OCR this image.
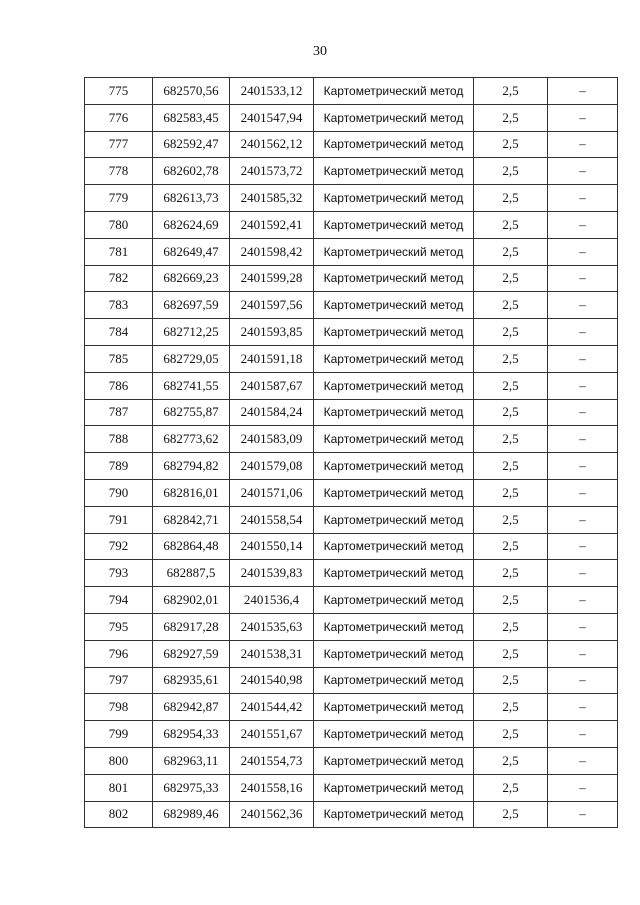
30
775	682570,56	2401533,12	Картометрический метод	2,5	–
776	682583,45	2401547,94	Картометрический метод	2,5	–
777	682592,47	2401562,12	Картометрический метод	2,5	–
778	682602,78	2401573,72	Картометрический метод	2,5	–
779	682613,73	2401585,32	Картометрический метод	2,5	–
780	682624,69	2401592,41	Картометрический метод	2,5	–
781	682649,47	2401598,42	Картометрический метод	2,5	–
782	682669,23	2401599,28	Картометрический метод	2,5	–
783	682697,59	2401597,56	Картометрический метод	2,5	–
784	682712,25	2401593,85	Картометрический метод	2,5	–
785	682729,05	2401591,18	Картометрический метод	2,5	–
786	682741,55	2401587,67	Картометрический метод	2,5	–
787	682755,87	2401584,24	Картометрический метод	2,5	–
788	682773,62	2401583,09	Картометрический метод	2,5	–
789	682794,82	2401579,08	Картометрический метод	2,5	–
790	682816,01	2401571,06	Картометрический метод	2,5	–
791	682842,71	2401558,54	Картометрический метод	2,5	–
792	682864,48	2401550,14	Картометрический метод	2,5	–
793	682887,5	2401539,83	Картометрический метод	2,5	–
794	682902,01	2401536,4	Картометрический метод	2,5	–
795	682917,28	2401535,63	Картометрический метод	2,5	–
796	682927,59	2401538,31	Картометрический метод	2,5	–
797	682935,61	2401540,98	Картометрический метод	2,5	–
798	682942,87	2401544,42	Картометрический метод	2,5	–
799	682954,33	2401551,67	Картометрический метод	2,5	–
800	682963,11	2401554,73	Картометрический метод	2,5	–
801	682975,33	2401558,16	Картометрический метод	2,5	–
802	682989,46	2401562,36	Картометрический метод	2,5	–
